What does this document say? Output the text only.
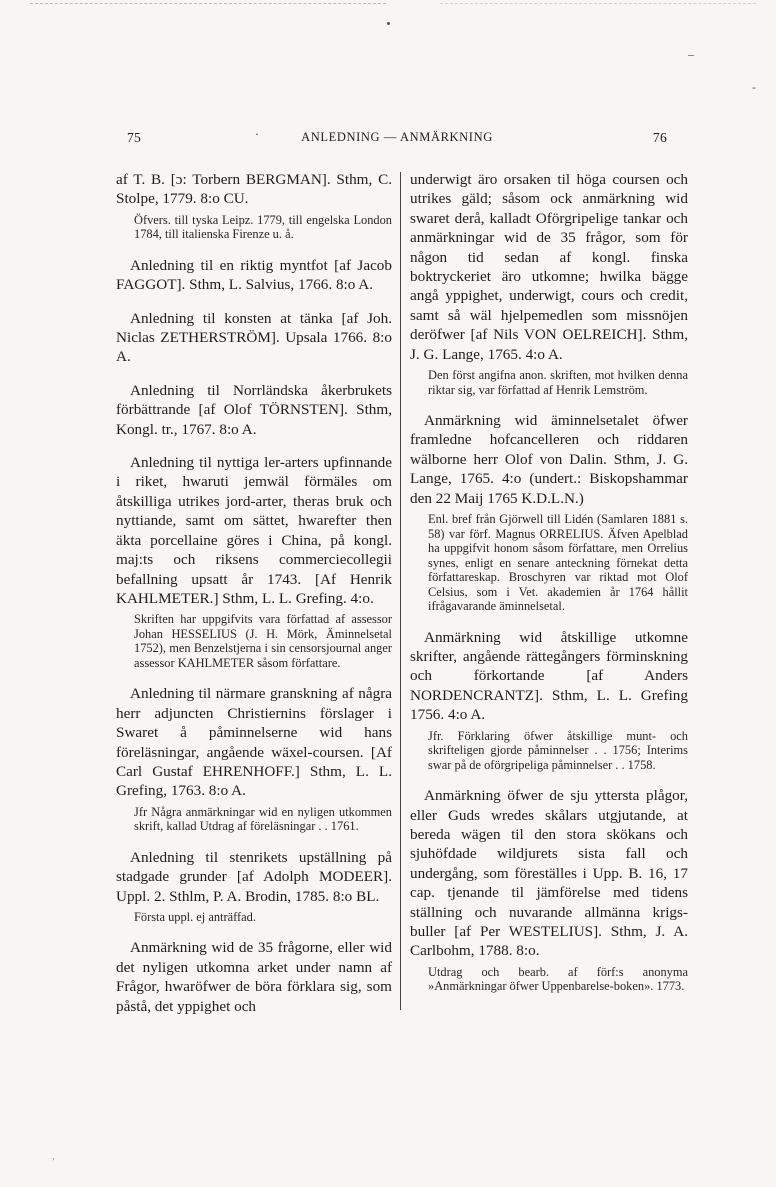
–
-
75	·	ANLEDNING — ANMÄRKNING	76

af T. B. [ɔ: Torbern BERGMAN]. Sthm, C. Stolpe, 1779. 8:o CU.

Öfvers. till tyska Leipz. 1779, till engelska London 1784, till italienska Firenze u. å.

Anledning til en riktig myntfot [af Jacob FAGGOT]. Sthm, L. Salvius, 1766. 8:o A.

Anledning til konsten at tänka [af Joh. Niclas ZETHERSTRÖM]. Upsala 1766. 8:o A.

Anledning til Norrländska åkerbrukets förbättrande [af Olof TÖRNSTEN]. Sthm, Kongl. tr., 1767. 8:o A.

Anledning til nyttiga ler-arters upfinnande i riket, hwaruti jemwäl förmäles om åtskilliga utrikes jord-arter, theras bruk och nyttiande, samt om sättet, hwarefter then äkta porcellaine göres i China, på kongl. maj:ts och riksens commerciecollegii befallning upsatt år 1743. [Af Henrik KAHLMETER.] Sthm, L. L. Grefing. 4:o.

Skriften har uppgifvits vara författad af assessor Johan HESSELIUS (J. H. Mörk, Äminnelsetal 1752), men Benzelstjerna i sin censorsjournal anger assessor KAHLMETER såsom författare.

Anledning til närmare granskning af några herr adjuncten Christiernins förslager i Swaret å påminnelserne wid hans föreläsningar, angående wäxel-coursen. [Af Carl Gustaf EHRENHOFF.] Sthm, L. L. Grefing, 1763. 8:o A.

Jfr Några anmärkningar wid en nyligen utkommen skrift, kallad Utdrag af föreläsningar . . 1761.

Anledning til stenrikets upställning på stadgade grunder [af Adolph MODEER]. Uppl. 2. Sthlm, P. A. Brodin, 1785. 8:o BL.

Första uppl. ej anträffad.

Anmärkning wid de 35 frågorne, eller wid det nyligen utkomna arket under namn af Frågor, hwaröfwer de böra förklara sig, som påstå, det yppighet och

underwigt äro orsaken til höga coursen och utrikes gäld; såsom ock anmärkning wid swaret derå, kalladt Oförgripelige tankar och anmärkningar wid de 35 frågor, som för någon tid sedan af kongl. finska boktryckeriet äro utkomne; hwilka bägge angå yppighet, underwigt, cours och credit, samt så wäl hjelpemedlen som missnöjen deröfwer [af Nils VON OELREICH]. Sthm, J. G. Lange, 1765. 4:o A.

Den först angifna anon. skriften, mot hvilken denna riktar sig, var författad af Henrik Lemström.

Anmärkning wid äminnelsetalet öfwer framledne hofcancelleren och riddaren wälborne herr Olof von Dalin. Sthm, J. G. Lange, 1765. 4:o (undert.: Biskopshammar den 22 Maij 1765 K.D.L.N.)

Enl. bref från Gjörwell till Lidén (Samlaren 1881 s. 58) var förf. Magnus ORRELIUS. Äfven Apelblad ha uppgifvit honom såsom författare, men Orrelius synes, enligt en senare anteckning förnekat detta författareskap. Broschyren var riktad mot Olof Celsius, som i Vet. akademien år 1764 hållit ifrågavarande äminnelsetal.

Anmärkning wid åtskillige utkomne skrifter, angående rättegångers förminskning och förkortande [af Anders NORDENCRANTZ]. Sthm, L. L. Grefing 1756. 4:o A.

Jfr. Förklaring öfwer åtskillige munt- och skrifteligen gjorde påminnelser . . 1756; Interims swar på de oförgripeliga påminnelser . . 1758.

Anmärkning öfwer de sju yttersta plågor, eller Guds wredes skålars utgjutande, at bereda wägen til den stora skökans och sjuhöfdade wildjurets sista fall och undergång, som föreställes i Upp. B. 16, 17 cap. tjenande til jämförelse med tidens ställning och nuvarande allmänna krigs-buller [af Per WESTELIUS]. Sthm, J. A. Carlbohm, 1788. 8:o.

Utdrag och bearb. af förf:s anonyma »Anmärkningar öfwer Uppenbarelse-boken». 1773.

,
